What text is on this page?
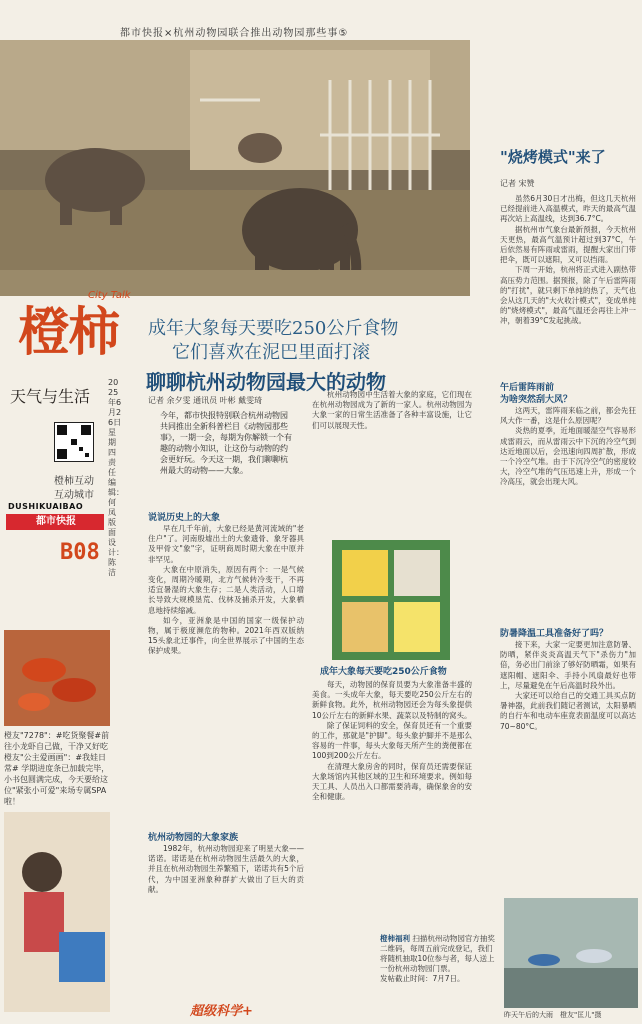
都市快报×杭州动物园联合推出动物园那些事⑤
橙柿
City Talk
成年大象每天要吃250公斤食物
它们喜欢在泥巴里面打滚
聊聊杭州动物园最大的动物
天气与生活
2025年6月26日 星期四 责任编辑：何凤 版面设计：陈洁
橙柿互动
互动城市
DUSHIKUAIBAO
都市快报
B08
橙友"7278"：#吃货聚餐#前往小龙虾自己做，干净又好吃
橙友"公主爱画画"：#我娃日常# 学期进度条已加载完毕，小书包圆满完成，今天要给这位"紧张小可爱"来场专属SPA啦！
记者 余夕雯 通讯员 叶彬 戴雯琦
今年，都市快报特别联合杭州动物园共同推出全新科普栏目《动物园那些事》，一期一会，每期为你解锁一个有趣的动物小知识，让这份与动物的约会更好玩。今天这一期，我们聊聊杭州最大的动物——大象。
说说历史上的大象

早在几千年前，大象已经是黄河流域的"老住户"了。河南殷墟出土的大象遗骨、象牙器具及甲骨文"象"字，证明商周时期大象在中原并非罕见。

大象在中原消失，原因有两个：一是气候变化，周期冷暖期，北方气候转冷变干，不再适宜暑湿的大象生存；二是人类活动，人口增长导致大规模垦荒、伐林及捕杀开发，大象栖息地持续缩减。

如今，亚洲象是中国的国家一级保护动物，属于极度濒危的物种。2021年西双版纳15头象北迁事件，向全世界展示了中国的生态保护成果。

杭州动物园的大象家族

1982年，杭州动物园迎来了明星大象——诺诺。诺诺是在杭州动物园生活最久的大象，并且在杭州动物园生养繁殖下，诺诺共有5个后代，为中国亚洲象种群扩大做出了巨大的贡献。

杭州动物园中生活着大象的家庭，它们现在在杭州动物园成为了新的一家人。杭州动物园为大象一家的日常生活准备了各种丰富设施，让它们可以展现天性。

成年大象每天要吃250公斤食物

每天，动物园的保育员要为大象准备丰盛的美食。一头成年大象，每天要吃250公斤左右的新鲜食物。此外，杭州动物园还会为每头象提供10公斤左右的新鲜水果、蔬菜以及特制的窝头。

除了保证饲料的安全，保育员还有一个重要的工作，那就是"护脚"。每头象护脚并不是那么容易的一件事，每头大象每天所产生的粪便都在100到200公斤左右。

在清理大象房舍的同时，保育员还需要保证大象场馆内其他区域的卫生和环境要求。例如每天工具、人员出入口都需要消毒，确保象舍的安全和健康。

"烧烤模式"来了
记者 宋赞

虽然6月30日才出梅，但这几天杭州已经提前进入高温模式，昨天的最高气温再次站上高温线，达到36.7°C。

据杭州市气象台最新预报，今天杭州天更热，最高气温预计超过到37°C，午后依然易有阵雨或雷雨，提醒大家出门带把伞，既可以遮阳，又可以挡雨。

下周一开始，杭州将正式进入副热带高压势力范围。据预报，除了午后雷阵雨的"打扰"，就只剩下单纯的热了，天气也会从这几天的"大火收汁模式"，变成单纯的"烧烤模式"，最高气温还会再往上冲一冲，朝着39°C发起挑战。

午后雷阵雨前
为啥突然刮大风？

这两天，雷阵雨来临之前，都会先狂风大作一番，这是什么原因呢？

炎热的夏季，近地面暖湿空气容易形成雷雨云，而从雷雨云中下沉的冷空气到达近地面以后，会迅速向四周扩散，形成一个冷空气堆。由于下沉冷空气的密度较大，冷空气堆的气压迅速上升，形成一个冷高压，就会出现大风。

防暑降温工具准备好了吗？

接下来，大家一定要更加注意防暑、防晒，紧伴炎炎高温天气下"杀伤力"加倍，务必出门前涂了够好防晒霜，如果有遮阳帽、遮阳伞、手持小风扇最好也带上，尽量避免在午后高温时段外出。

大家还可以给自己的交通工具买点防暑神器，此前我们随记者测试，太阳暴晒的自行车和电动车座竟表面温度可以高达70~80°C。

昨天午后的大雨　橙友"匡儿"摄
超级科学+
橙柿福利 扫描杭州动物园官方抽奖二维码，每周五前完成登记，我们将随机抽取10位参与者，每人送上一份杭州动物园门票。
发帖截止时间：7月7日。
